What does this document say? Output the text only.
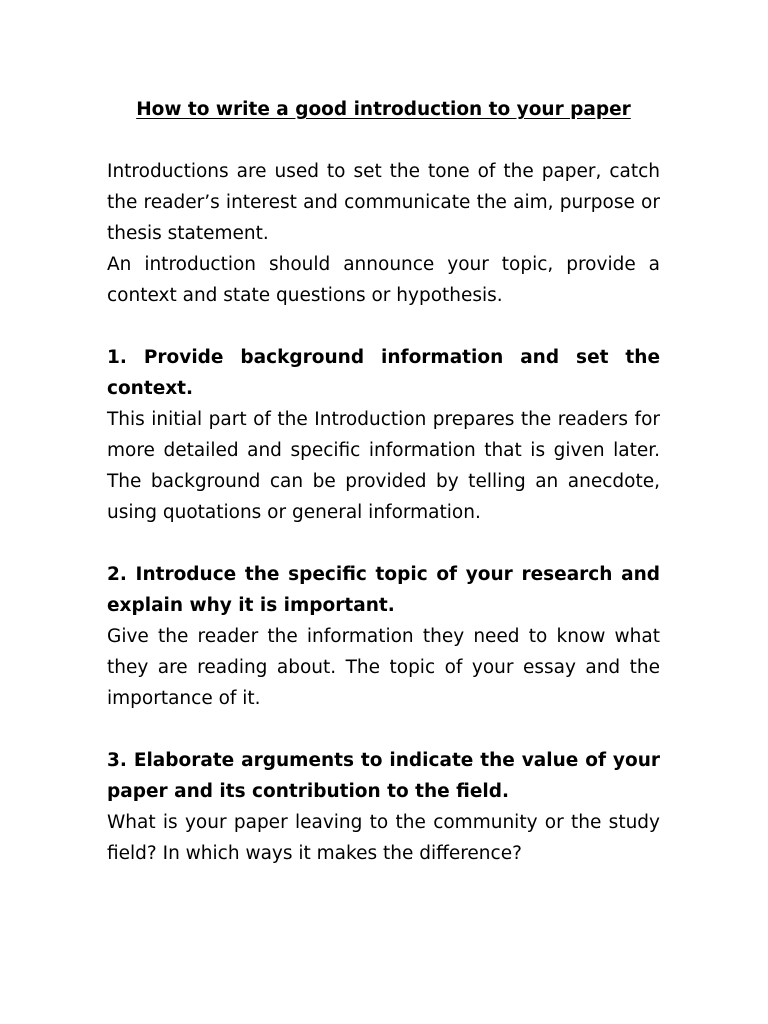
How to write a good introduction to your paper

Introductions are used to set the tone of the paper, catch the reader’s interest and communicate the aim, purpose or thesis statement.

An introduction should announce your topic, provide a context and state questions or hypothesis.

1. Provide background information and set the context.

This initial part of the Introduction prepares the readers for more detailed and specific information that is given later. The background can be provided by telling an anecdote, using quotations or general information.

2. Introduce the specific topic of your research and explain why it is important.

Give the reader the information they need to know what they are reading about. The topic of your essay and the importance of it.

3. Elaborate arguments to indicate the value of your paper and its contribution to the field.

What is your paper leaving to the community or the study field? In which ways it makes the difference?
